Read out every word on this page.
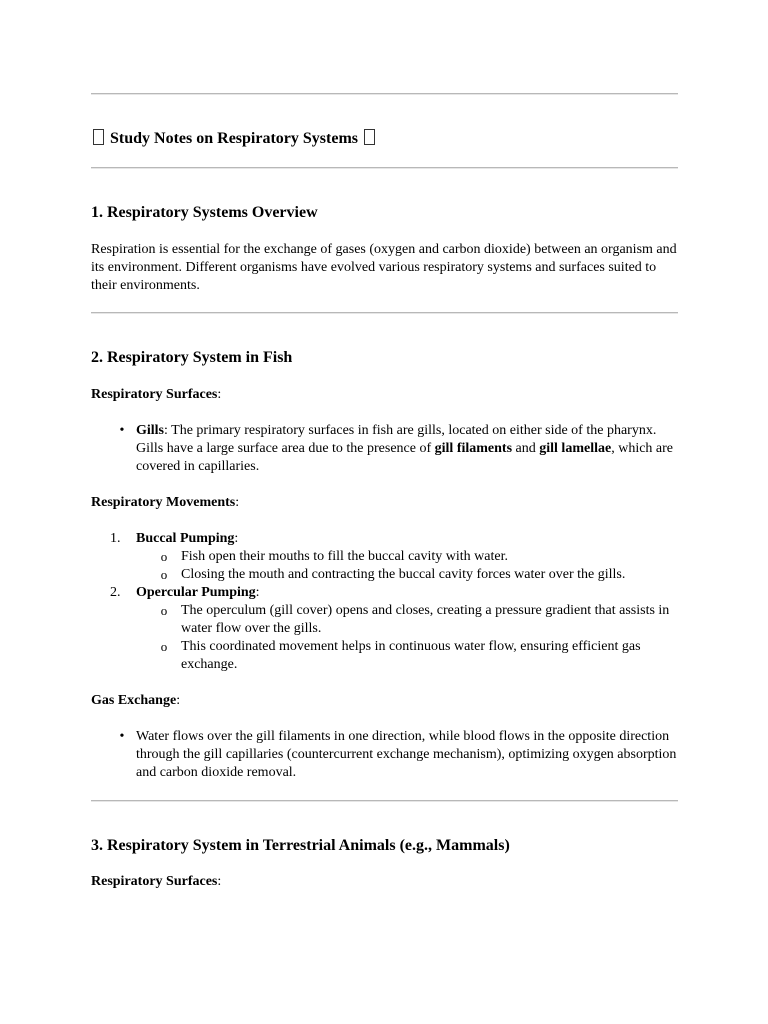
Study Notes on Respiratory Systems
1. Respiratory Systems Overview

Respiration is essential for the exchange of gases (oxygen and carbon dioxide) between an organism and its environment. Different organisms have evolved various respiratory systems and surfaces suited to their environments.

2. Respiratory System in Fish

Respiratory Surfaces:

• Gills: The primary respiratory surfaces in fish are gills, located on either side of the pharynx. Gills have a large surface area due to the presence of gill filaments and gill lamellae, which are covered in capillaries.

Respiratory Movements:

1.	Buccal Pumping:
o Fish open their mouths to fill the buccal cavity with water.
o Closing the mouth and contracting the buccal cavity forces water over the gills.
2.	Opercular Pumping:
o The operculum (gill cover) opens and closes, creating a pressure gradient that assists in water flow over the gills.
o This coordinated movement helps in continuous water flow, ensuring efficient gas exchange.

Gas Exchange:

• Water flows over the gill filaments in one direction, while blood flows in the opposite direction through the gill capillaries (countercurrent exchange mechanism), optimizing oxygen absorption and carbon dioxide removal.
3. Respiratory System in Terrestrial Animals (e.g., Mammals)

Respiratory Surfaces:
